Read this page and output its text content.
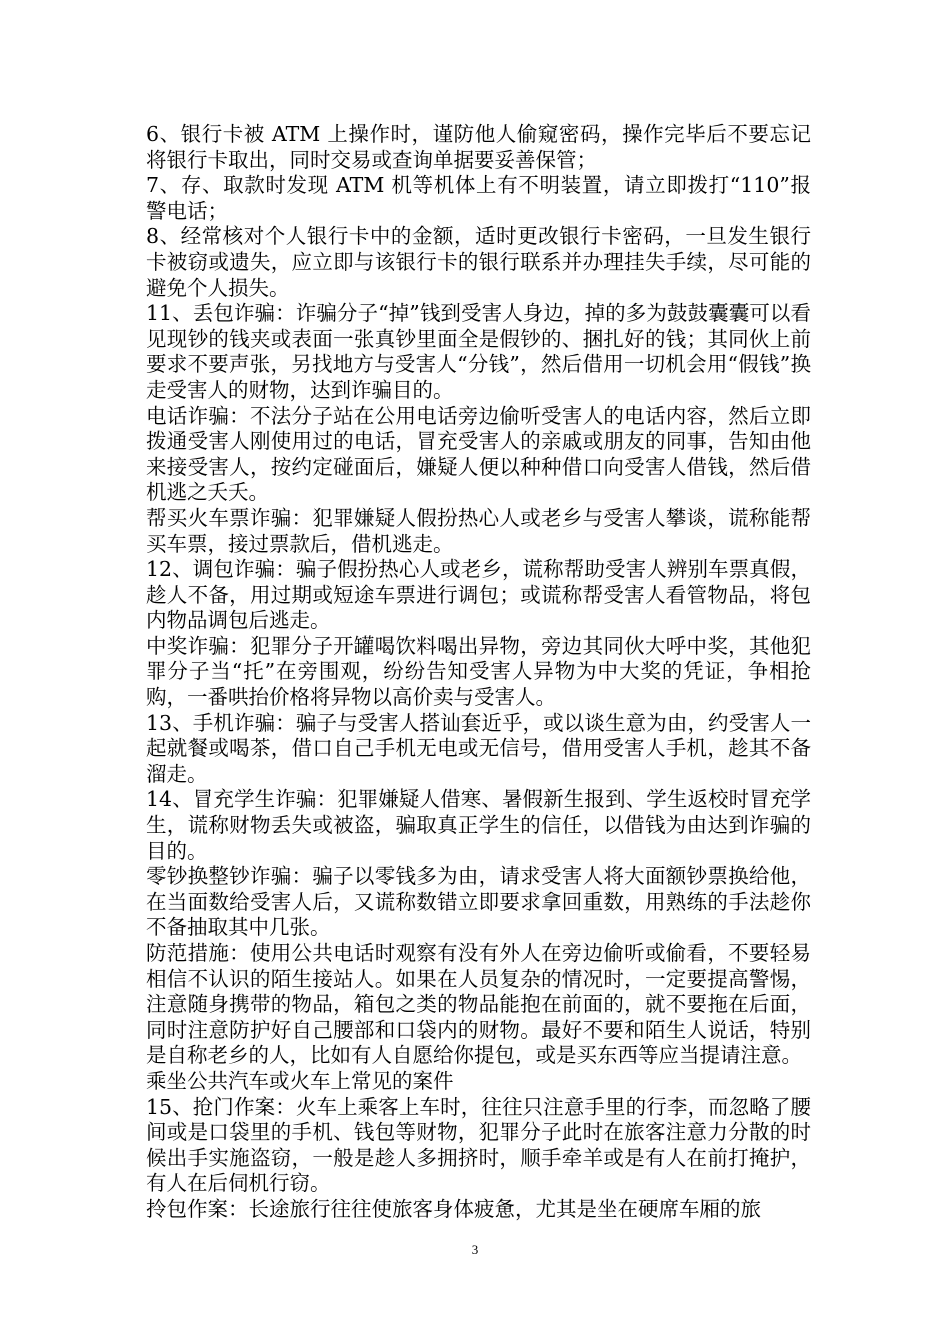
6、银行卡被 ATM 上操作时，谨防他人偷窥密码，操作完毕后不要忘记将银行卡取出，同时交易或查询单据要妥善保管；

7、存、取款时发现 ATM 机等机体上有不明装置，请立即拨打“110”报警电话；

8、经常核对个人银行卡中的金额，适时更改银行卡密码，一旦发生银行卡被窃或遗失，应立即与该银行卡的银行联系并办理挂失手续，尽可能的避免个人损失。

11、丢包诈骗：诈骗分子“掉”钱到受害人身边，掉的多为鼓鼓囊囊可以看见现钞的钱夹或表面一张真钞里面全是假钞的、捆扎好的钱；其同伙上前要求不要声张，另找地方与受害人“分钱”，然后借用一切机会用“假钱”换走受害人的财物，达到诈骗目的。

电话诈骗：不法分子站在公用电话旁边偷听受害人的电话内容，然后立即拨通受害人刚使用过的电话，冒充受害人的亲戚或朋友的同事，告知由他来接受害人，按约定碰面后，嫌疑人便以种种借口向受害人借钱，然后借机逃之夭夭。

帮买火车票诈骗：犯罪嫌疑人假扮热心人或老乡与受害人攀谈，谎称能帮买车票，接过票款后，借机逃走。

12、调包诈骗：骗子假扮热心人或老乡，谎称帮助受害人辨别车票真假，趁人不备，用过期或短途车票进行调包；或谎称帮受害人看管物品，将包内物品调包后逃走。

中奖诈骗：犯罪分子开罐喝饮料喝出异物，旁边其同伙大呼中奖，其他犯罪分子当“托”在旁围观，纷纷告知受害人异物为中大奖的凭证，争相抢购，一番哄抬价格将异物以高价卖与受害人。

13、手机诈骗：骗子与受害人搭讪套近乎，或以谈生意为由，约受害人一起就餐或喝茶，借口自己手机无电或无信号，借用受害人手机，趁其不备溜走。

14、冒充学生诈骗：犯罪嫌疑人借寒、暑假新生报到、学生返校时冒充学生，谎称财物丢失或被盗，骗取真正学生的信任，以借钱为由达到诈骗的目的。

零钞换整钞诈骗：骗子以零钱多为由，请求受害人将大面额钞票换给他，在当面数给受害人后，又谎称数错立即要求拿回重数，用熟练的手法趁你不备抽取其中几张。

防范措施：使用公共电话时观察有没有外人在旁边偷听或偷看，不要轻易相信不认识的陌生接站人。如果在人员复杂的情况时，一定要提高警惕，注意随身携带的物品，箱包之类的物品能抱在前面的，就不要拖在后面，同时注意防护好自己腰部和口袋内的财物。最好不要和陌生人说话，特别是自称老乡的人，比如有人自愿给你提包，或是买东西等应当提请注意。

乘坐公共汽车或火车上常见的案件

15、抢门作案：火车上乘客上车时，往往只注意手里的行李，而忽略了腰间或是口袋里的手机、钱包等财物，犯罪分子此时在旅客注意力分散的时候出手实施盗窃，一般是趁人多拥挤时，顺手牵羊或是有人在前打掩护，有人在后伺机行窃。

拎包作案：长途旅行往往使旅客身体疲惫，尤其是坐在硬席车厢的旅

3
